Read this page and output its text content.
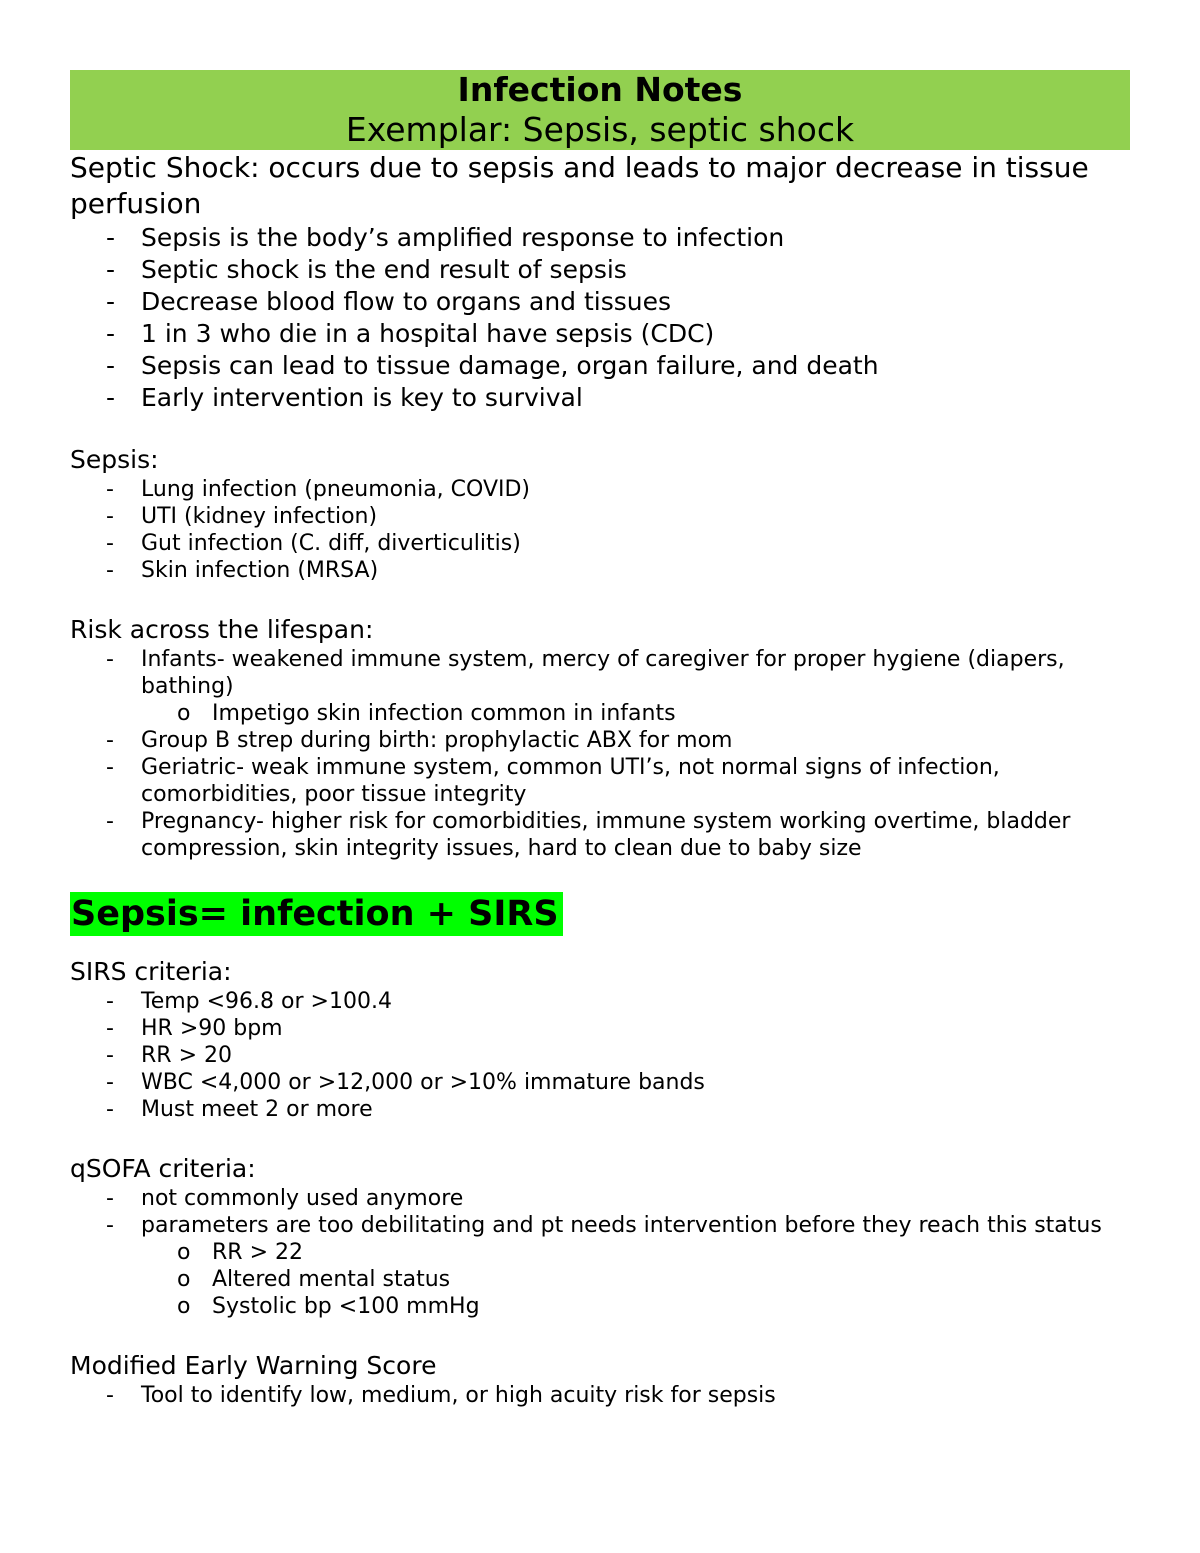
Infection Notes
Exemplar: Sepsis, septic shock

Septic Shock: occurs due to sepsis and leads to major decrease in tissue perfusion

- Sepsis is the body’s amplified response to infection
- Septic shock is the end result of sepsis
- Decrease blood flow to organs and tissues
- 1 in 3 who die in a hospital have sepsis (CDC)
- Sepsis can lead to tissue damage, organ failure, and death
- Early intervention is key to survival

Sepsis:

- Lung infection (pneumonia, COVID)
- UTI (kidney infection)
- Gut infection (C. diff, diverticulitis)
- Skin infection (MRSA)

Risk across the lifespan:

- Infants- weakened immune system, mercy of caregiver for proper hygiene (diapers, bathing)
o Impetigo skin infection common in infants
- Group B strep during birth: prophylactic ABX for mom
- Geriatric- weak immune system, common UTI’s, not normal signs of infection, comorbidities, poor tissue integrity
- Pregnancy- higher risk for comorbidities, immune system working overtime, bladder compression, skin integrity issues, hard to clean due to baby size
Sepsis= infection + SIRS

SIRS criteria:

- Temp <96.8 or >100.4
- HR >90 bpm
- RR > 20
- WBC <4,000 or >12,000 or >10% immature bands
- Must meet 2 or more

qSOFA criteria:

- not commonly used anymore
- parameters are too debilitating and pt needs intervention before they reach this status
o RR > 22
o Altered mental status
o Systolic bp <100 mmHg

Modified Early Warning Score

- Tool to identify low, medium, or high acuity risk for sepsis
